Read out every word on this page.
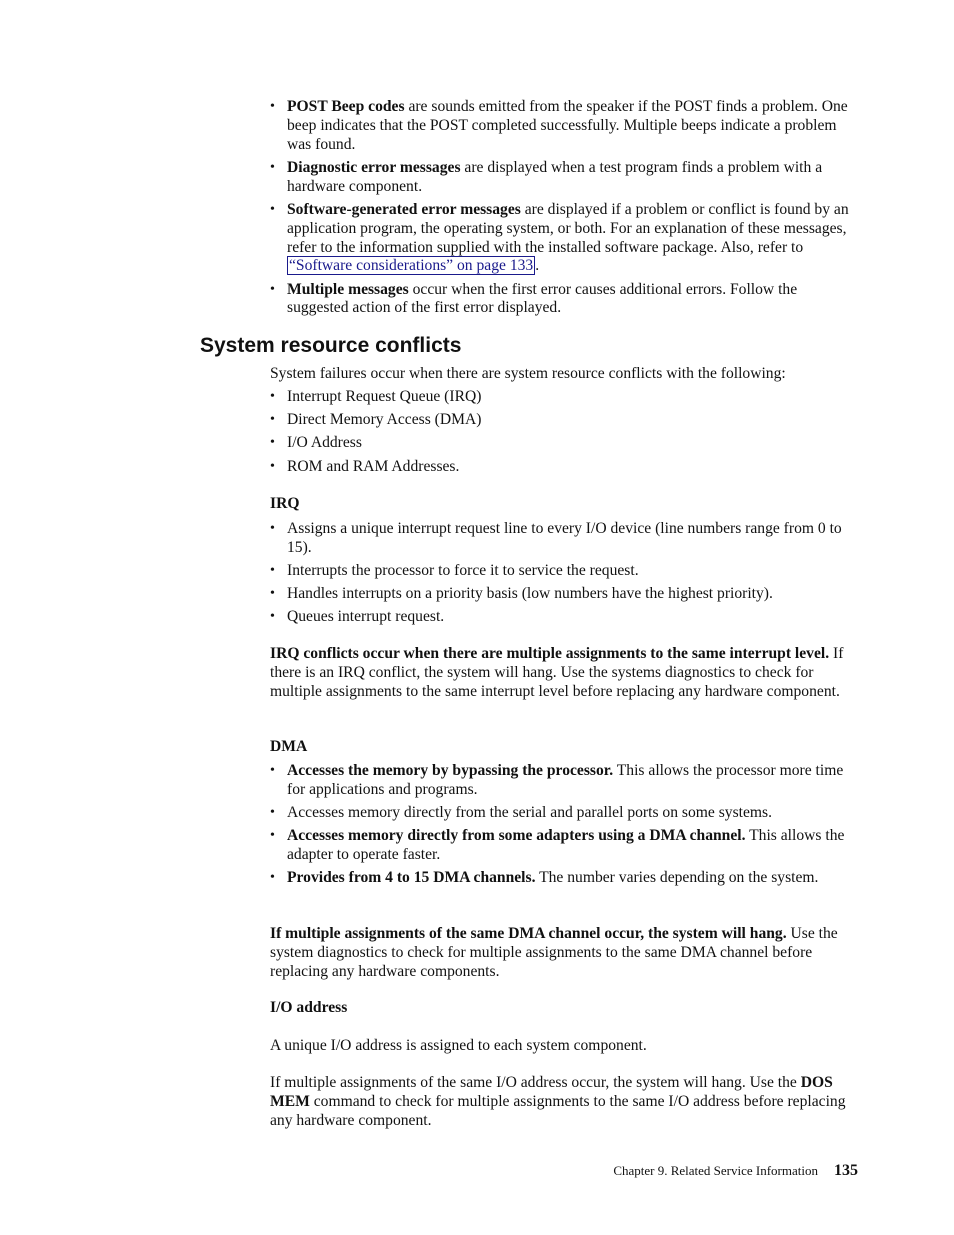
• POST Beep codes are sounds emitted from the speaker if the POST finds a problem. One beep indicates that the POST completed successfully. Multiple beeps indicate a problem was found.
• Diagnostic error messages are displayed when a test program finds a problem with a hardware component.
• Software-generated error messages are displayed if a problem or conflict is found by an application program, the operating system, or both. For an explanation of these messages, refer to the information supplied with the installed software package. Also, refer to “Software considerations” on page 133 .
• Multiple messages occur when the first error causes additional errors. Follow the suggested action of the first error displayed.
System resource conflicts

System failures occur when there are system resource conflicts with the following:

• Interrupt Request Queue (IRQ)
• Direct Memory Access (DMA)
• I/O Address
• ROM and RAM Addresses.

IRQ

• Assigns a unique interrupt request line to every I/O device (line numbers range from 0 to 15).
• Interrupts the processor to force it to service the request.
• Handles interrupts on a priority basis (low numbers have the highest priority).
• Queues interrupt request.

IRQ conflicts occur when there are multiple assignments to the same interrupt level. If there is an IRQ conflict, the system will hang. Use the systems diagnostics to check for multiple assignments to the same interrupt level before replacing any hardware component.

DMA

• Accesses the memory by bypassing the processor. This allows the processor more time for applications and programs.
• Accesses memory directly from the serial and parallel ports on some systems.
• Accesses memory directly from some adapters using a DMA channel. This allows the adapter to operate faster.
• Provides from 4 to 15 DMA channels. The number varies depending on the system.

If multiple assignments of the same DMA channel occur, the system will hang. Use the system diagnostics to check for multiple assignments to the same DMA channel before replacing any hardware components.

I/O address

A unique I/O address is assigned to each system component.

If multiple assignments of the same I/O address occur, the system will hang. Use the DOS MEM command to check for multiple assignments to the same I/O address before replacing any hardware component.

Chapter 9. Related Service Information 135
